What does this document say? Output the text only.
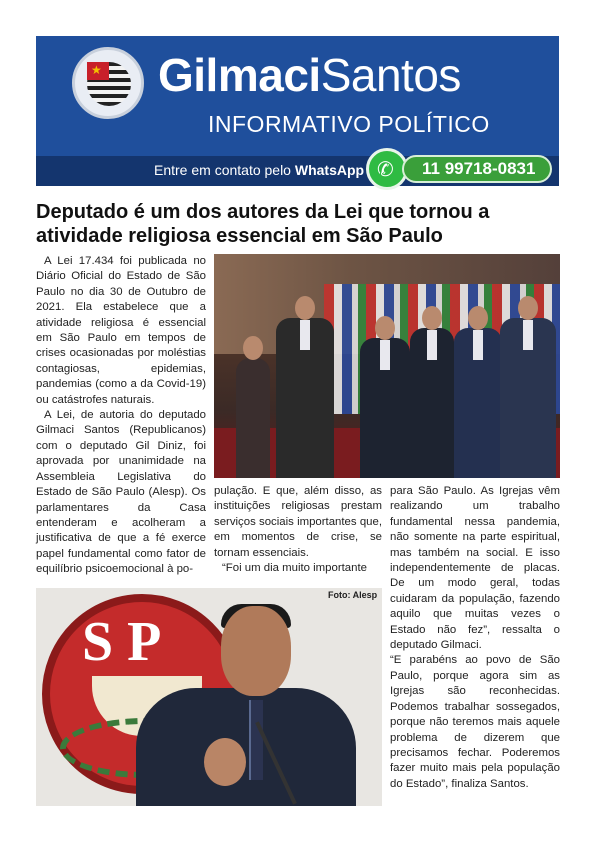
★ GilmaciSantos
INFORMATIVO POLÍTICO
Entre em contato pelo WhatsApp ✆	11 99718-0831
Deputado é um dos autores da Lei que tornou a atividade religiosa essencial em São Paulo

A Lei 17.434 foi publicada no Diário Oficial do Estado de São Paulo no dia 30 de Outubro de 2021. Ela estabelece que a atividade religiosa é essencial em São Paulo em tempos de crises ocasionadas por moléstias contagiosas, epidemias, pandemias (como a da Covid-19) ou catástrofes naturais.

A Lei, de autoria do deputado Gilmaci Santos (Republicanos) com o deputado Gil Diniz, foi aprovada por unanimidade na Assembleia Legislativa do Estado de São Paulo (Alesp). Os parlamentares da Casa entenderam e acolheram a justificativa de que a fé exerce papel fundamental como fator de equilíbrio psicoemocional à po-

pulação. E que, além disso, as instituições religiosas prestam serviços sociais importantes que, em momentos de crise, se tornam essenciais.

“Foi um dia muito importante

para São Paulo. As Igrejas vêm realizando um trabalho fundamental nessa pandemia, não somente na parte espiritual, mas também na social. E isso independentemente de placas. De um modo geral, todas cuidaram da população, fazendo aquilo que muitas vezes o Estado não fez”, ressalta o deputado Gilmaci.

“E parabéns ao povo de São Paulo, porque agora sim as Igrejas são reconhecidas. Podemos trabalhar sossegados, porque não teremos mais aquele problema de dizerem que precisamos fechar. Poderemos fazer muito mais pela população do Estado”, finaliza Santos.

SP
Foto: Alesp
